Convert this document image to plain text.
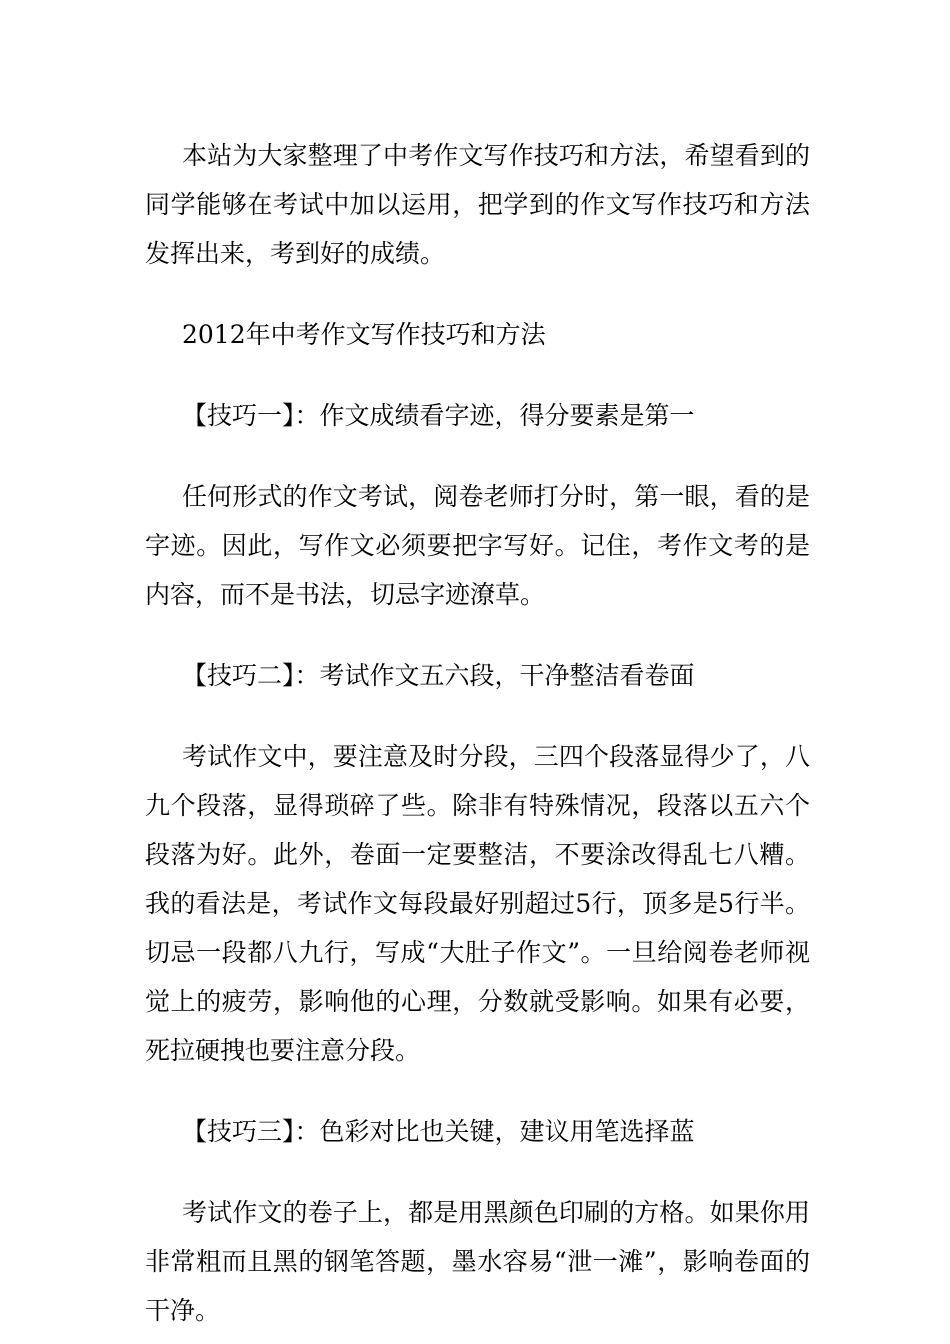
本站为大家整理了中考作文写作技巧和方法，希望看到的同学能够在考试中加以运用，把学到的作文写作技巧和方法发挥出来，考到好的成绩。

2012年中考作文写作技巧和方法

【技巧一】：作文成绩看字迹，得分要素是第一

任何形式的作文考试，阅卷老师打分时，第一眼，看的是字迹。因此，写作文必须要把字写好。记住，考作文考的是内容，而不是书法，切忌字迹潦草。

【技巧二】：考试作文五六段，干净整洁看卷面

考试作文中，要注意及时分段，三四个段落显得少了，八九个段落，显得琐碎了些。除非有特殊情况，段落以五六个段落为好。此外，卷面一定要整洁，不要涂改得乱七八糟。我的看法是，考试作文每段最好别超过5行，顶多是5行半。切忌一段都八九行，写成“大肚子作文”。一旦给阅卷老师视觉上的疲劳，影响他的心理，分数就受影响。如果有必要，死拉硬拽也要注意分段。

【技巧三】：色彩对比也关键，建议用笔选择蓝

考试作文的卷子上，都是用黑颜色印刷的方格。如果你用非常粗而且黑的钢笔答题，墨水容易“泄一滩”，影响卷面的干净。
